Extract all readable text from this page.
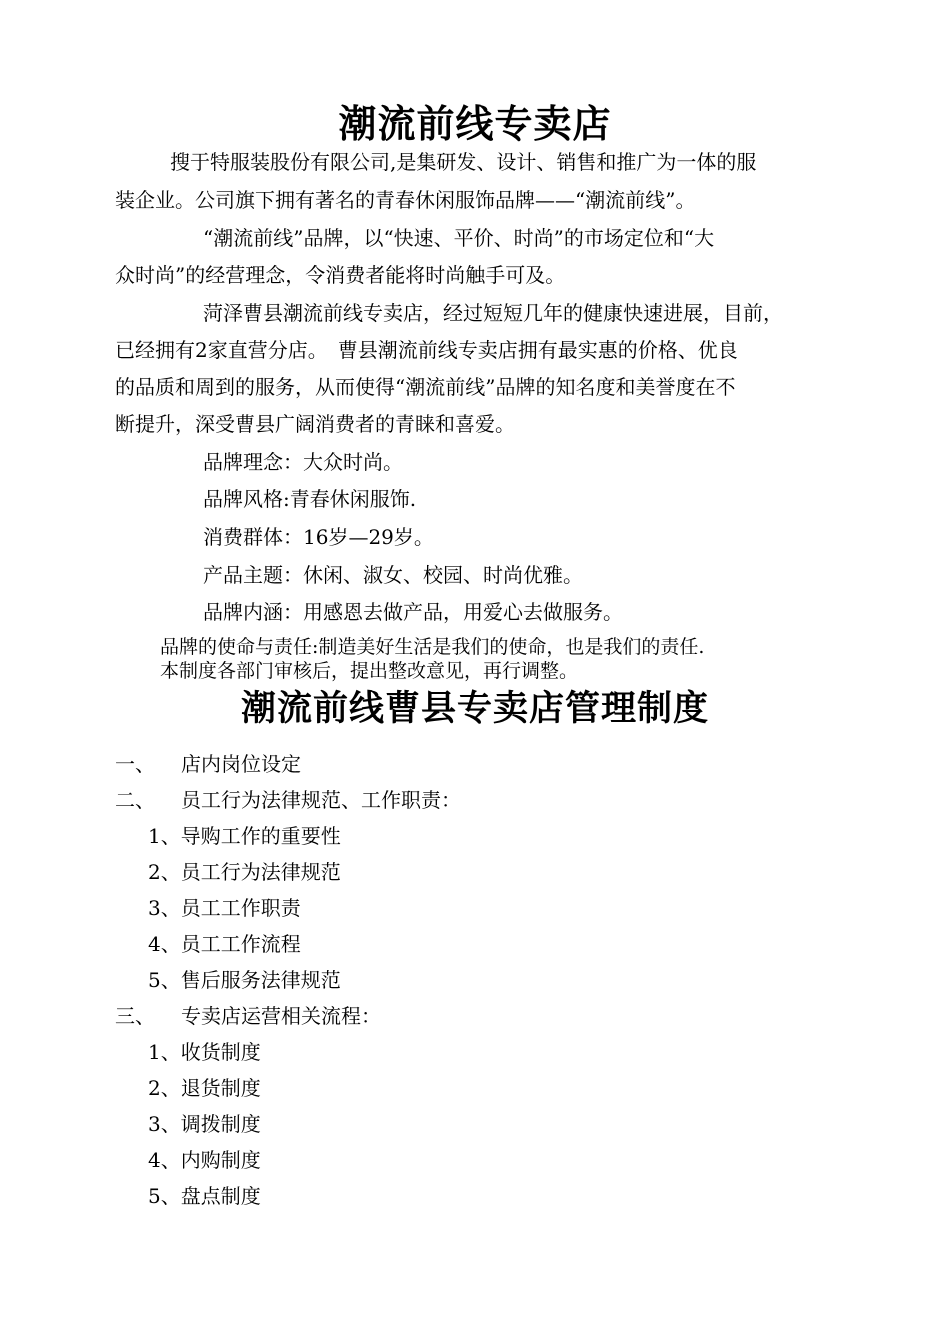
潮流前线专卖店
搜于特服装股份有限公司,是集研发、设计、销售和推广为一体的服
装企业。公司旗下拥有著名的青春休闲服饰品牌——“潮流前线”。
“潮流前线”品牌，以“快速、平价、时尚”的市场定位和“大
众时尚”的经营理念，令消费者能将时尚触手可及。
菏泽曹县潮流前线专卖店，经过短短几年的健康快速进展，目前，
已经拥有2家直营分店。　曹县潮流前线专卖店拥有最实惠的价格、优良
的品质和周到的服务，从而使得“潮流前线”品牌的知名度和美誉度在不
断提升，深受曹县广阔消费者的青睐和喜爱。
品牌理念：大众时尚。
品牌风格:青春休闲服饰.
消费群体：16岁—29岁。
产品主题：休闲、淑女、校园、时尚优雅。
品牌内涵：用感恩去做产品，用爱心去做服务。
品牌的使命与责任:制造美好生活是我们的使命，也是我们的责任.
本制度各部门审核后，提出整改意见，再行调整。
潮流前线曹县专卖店管理制度
一、 店内岗位设定
二、 员工行为法律规范、工作职责：
1、导购工作的重要性
2、员工行为法律规范
3、员工工作职责
4、员工工作流程
5、售后服务法律规范
三、 专卖店运营相关流程：
1、收货制度
2、退货制度
3、调拨制度
4、内购制度
5、盘点制度
